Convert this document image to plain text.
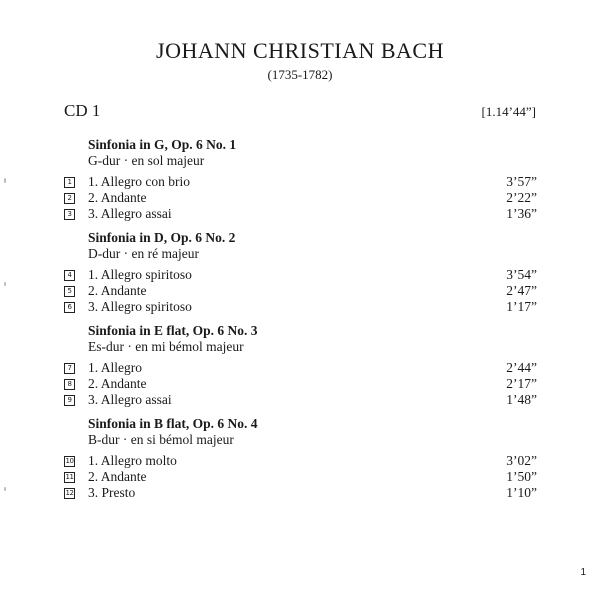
JOHANN CHRISTIAN BACH
(1735-1782)
CD 1	[1.14’44”]
Sinfonia in G, Op. 6 No. 1
G-dur · en sol majeur
1 1. Allegro con brio	3’57”
2 2. Andante	2’22”
3 3. Allegro assai	1’36”
Sinfonia in D, Op. 6 No. 2
D-dur · en ré majeur
4 1. Allegro spiritoso	3’54”
5 2. Andante	2’47”
6 3. Allegro spiritoso	1’17”
Sinfonia in E flat, Op. 6 No. 3
Es-dur · en mi bémol majeur
7 1. Allegro	2’44”
8 2. Andante	2’17”
9 3. Allegro assai	1’48”
Sinfonia in B flat, Op. 6 No. 4
B-dur · en si bémol majeur
10 1. Allegro molto	3’02”
11 2. Andante	1’50”
12 3. Presto	1’10”
1
